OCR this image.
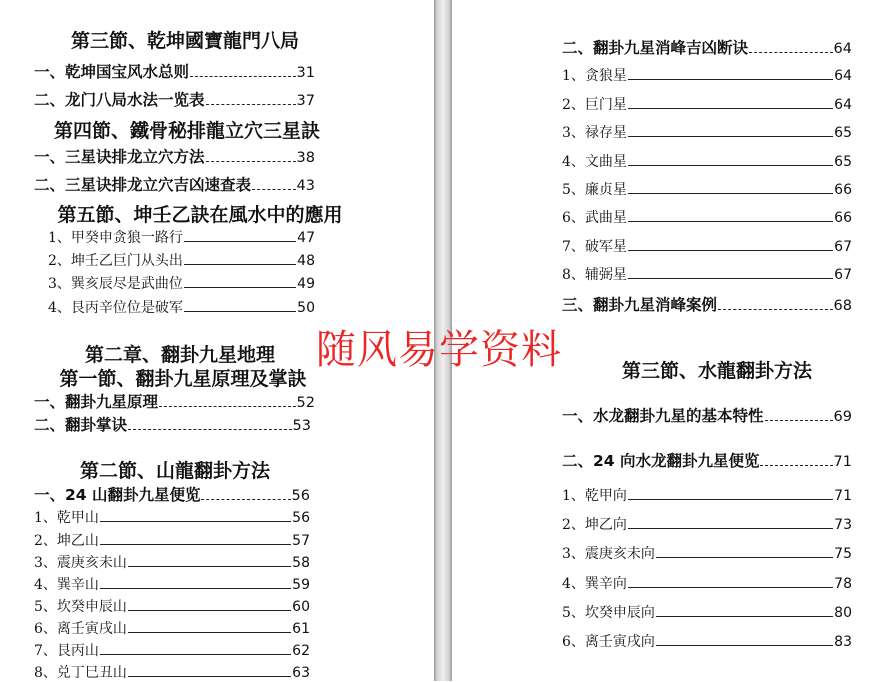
第三節、乾坤國寶龍門八局
一、乾坤国宝风水总则	31
二、龙门八局水法一览表	37
第四節、鐵骨秘排龍立穴三星訣
一、三星诀排龙立穴方法	38
二、三星诀排龙立穴吉凶速查表	43
第五節、坤壬乙訣在風水中的應用
1、甲癸申贪狼一路行	47
2、坤壬乙巨门从头出	48
3、巽亥辰尽是武曲位	49
4、艮丙辛位位是破军	50
第二章、翻卦九星地理
第一節、翻卦九星原理及掌訣
一、翻卦九星原理	52
二、翻卦掌诀	53
第二節、山龍翻卦方法
一、24 山翻卦九星便览	56
1、乾甲山	56
2、坤乙山	57
3、震庚亥未山	58
4、巽辛山	59
5、坎癸申辰山	60
6、离壬寅戌山	61
7、艮丙山	62
8、兑丁巳丑山	63
二、翻卦九星消峰吉凶断诀	64
1、贪狼星	64
2、巨门星	64
3、禄存星	65
4、文曲星	65
5、廉贞星	66
6、武曲星	66
7、破军星	67
8、辅弼星	67
三、翻卦九星消峰案例	68
第三節、水龍翻卦方法
一、水龙翻卦九星的基本特性	69
二、24 向水龙翻卦九星便览	71
1、乾甲向	71
2、坤乙向	73
3、震庚亥未向	75
4、巽辛向	78
5、坎癸申辰向	80
6、离壬寅戌向	83
随风易学资料
